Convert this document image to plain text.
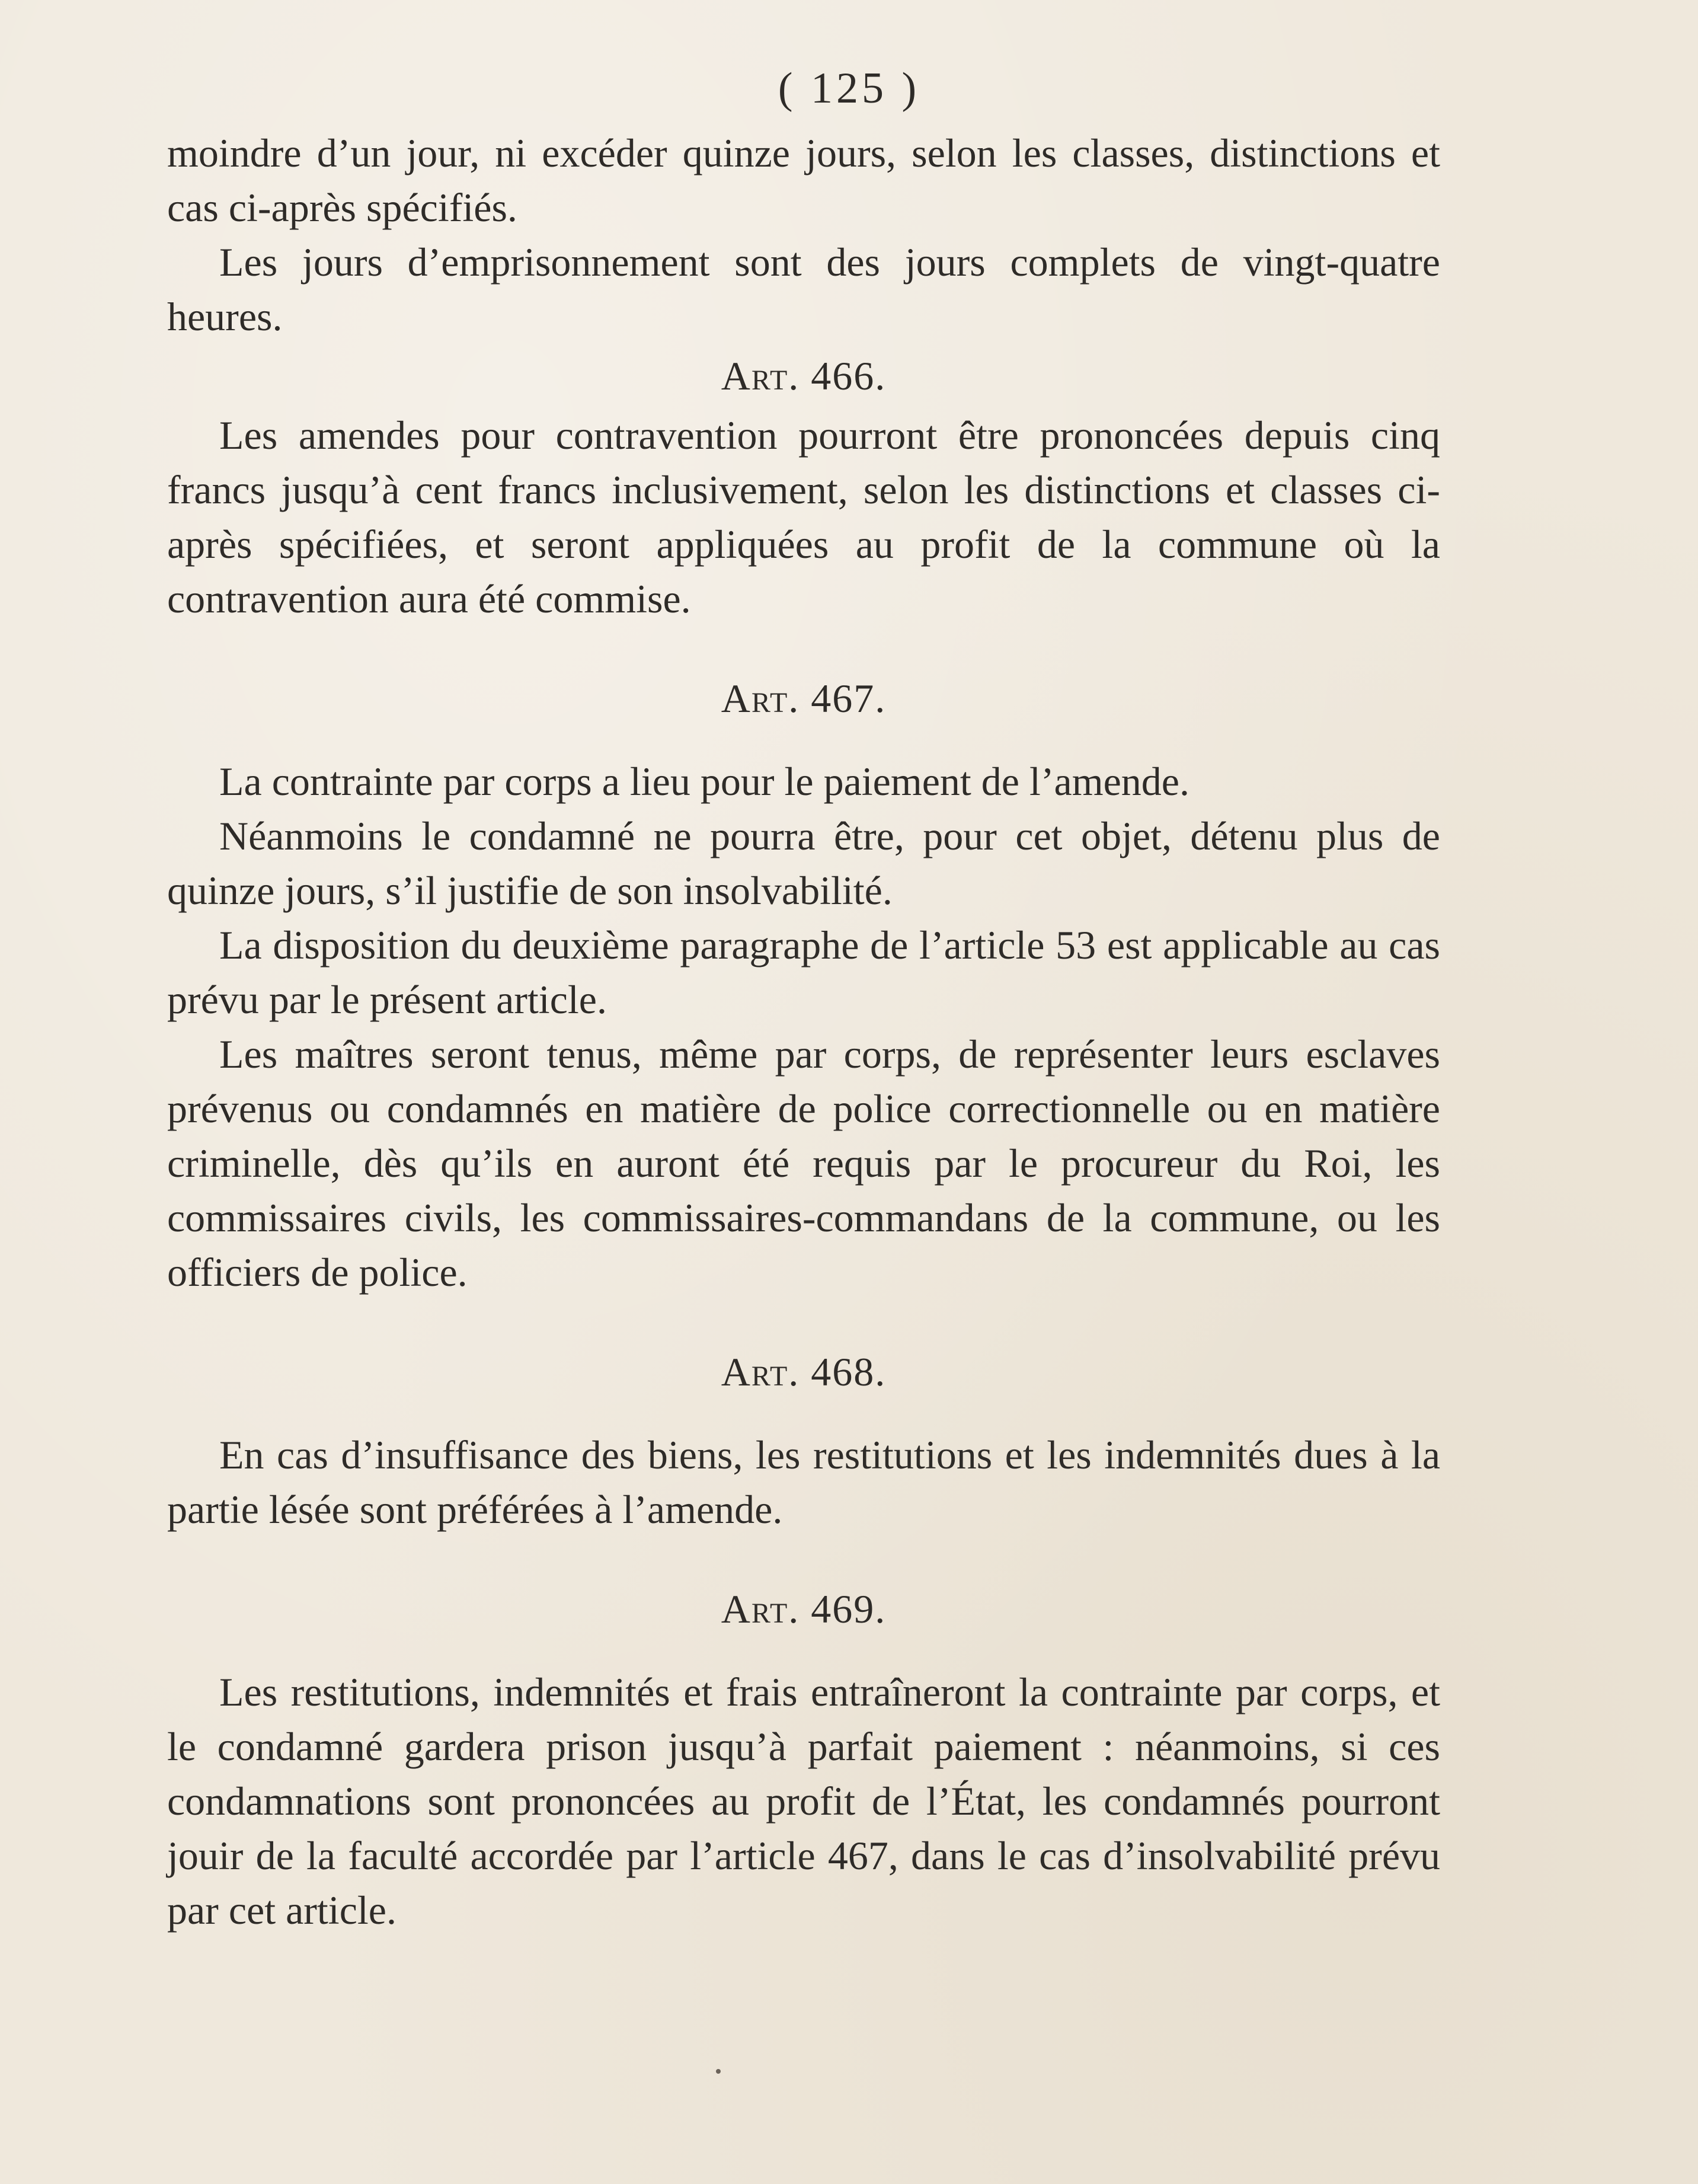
( 125 )

moindre d’un jour, ni excéder quinze jours, selon les classes, distinctions et cas ci-après spécifiés.

Les jours d’emprisonnement sont des jours complets de vingt-quatre heures.

Art. 466.

Les amendes pour contravention pourront être prononcées depuis cinq francs jusqu’à cent francs inclusivement, selon les distinctions et classes ci-après spécifiées, et seront appliquées au profit de la commune où la contravention aura été commise.

Art. 467.

La contrainte par corps a lieu pour le paiement de l’amende.

Néanmoins le condamné ne pourra être, pour cet objet, détenu plus de quinze jours, s’il justifie de son insolvabilité.

La disposition du deuxième paragraphe de l’article 53 est applicable au cas prévu par le présent article.

Les maîtres seront tenus, même par corps, de représenter leurs esclaves prévenus ou condamnés en matière de police correctionnelle ou en matière criminelle, dès qu’ils en auront été requis par le procureur du Roi, les commissaires civils, les commissaires-commandans de la commune, ou les officiers de police.

Art. 468.

En cas d’insuffisance des biens, les restitutions et les indemnités dues à la partie lésée sont préférées à l’amende.

Art. 469.

Les restitutions, indemnités et frais entraîneront la contrainte par corps, et le condamné gardera prison jusqu’à parfait paiement : néanmoins, si ces condamnations sont prononcées au profit de l’État, les condamnés pourront jouir de la faculté accordée par l’article 467, dans le cas d’insolvabilité prévu par cet article.
